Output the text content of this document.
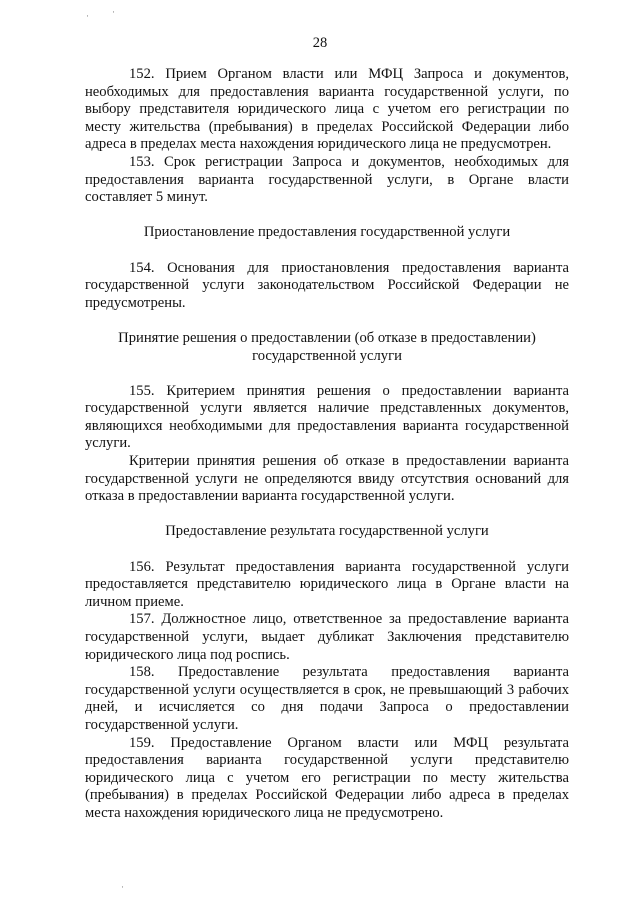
·	·
·
28

152. Прием Органом власти или МФЦ Запроса и документов, необходимых для предоставления варианта государственной услуги, по выбору представителя юридического лица с учетом его регистрации по месту жительства (пребывания) в пределах Российской Федерации либо адреса в пределах места нахождения юридического лица не предусмотрен.

153. Срок регистрации Запроса и документов, необходимых для предоставления варианта государственной услуги, в Органе власти составляет 5 минут.

Приостановление предоставления государственной услуги

154. Основания для приостановления предоставления варианта государственной услуги законодательством Российской Федерации не предусмотрены.

Принятие решения о предоставлении (об отказе в предоставлении) государственной услуги

155. Критерием принятия решения о предоставлении варианта государственной услуги является наличие представленных документов, являющихся необходимыми для предоставления варианта государственной услуги.

Критерии принятия решения об отказе в предоставлении варианта государственной услуги не определяются ввиду отсутствия оснований для отказа в предоставлении варианта государственной услуги.

Предоставление результата государственной услуги

156. Результат предоставления варианта государственной услуги предоставляется представителю юридического лица в Органе власти на личном приеме.

157. Должностное лицо, ответственное за предоставление варианта государственной услуги, выдает дубликат Заключения представителю юридического лица под роспись.

158. Предоставление результата предоставления варианта государственной услуги осуществляется в срок, не превышающий 3 рабочих дней, и исчисляется со дня подачи Запроса о предоставлении государственной услуги.

159. Предоставление Органом власти или МФЦ результата предоставления варианта государственной услуги представителю юридического лица с учетом его регистрации по месту жительства (пребывания) в пределах Российской Федерации либо адреса в пределах места нахождения юридического лица не предусмотрено.
